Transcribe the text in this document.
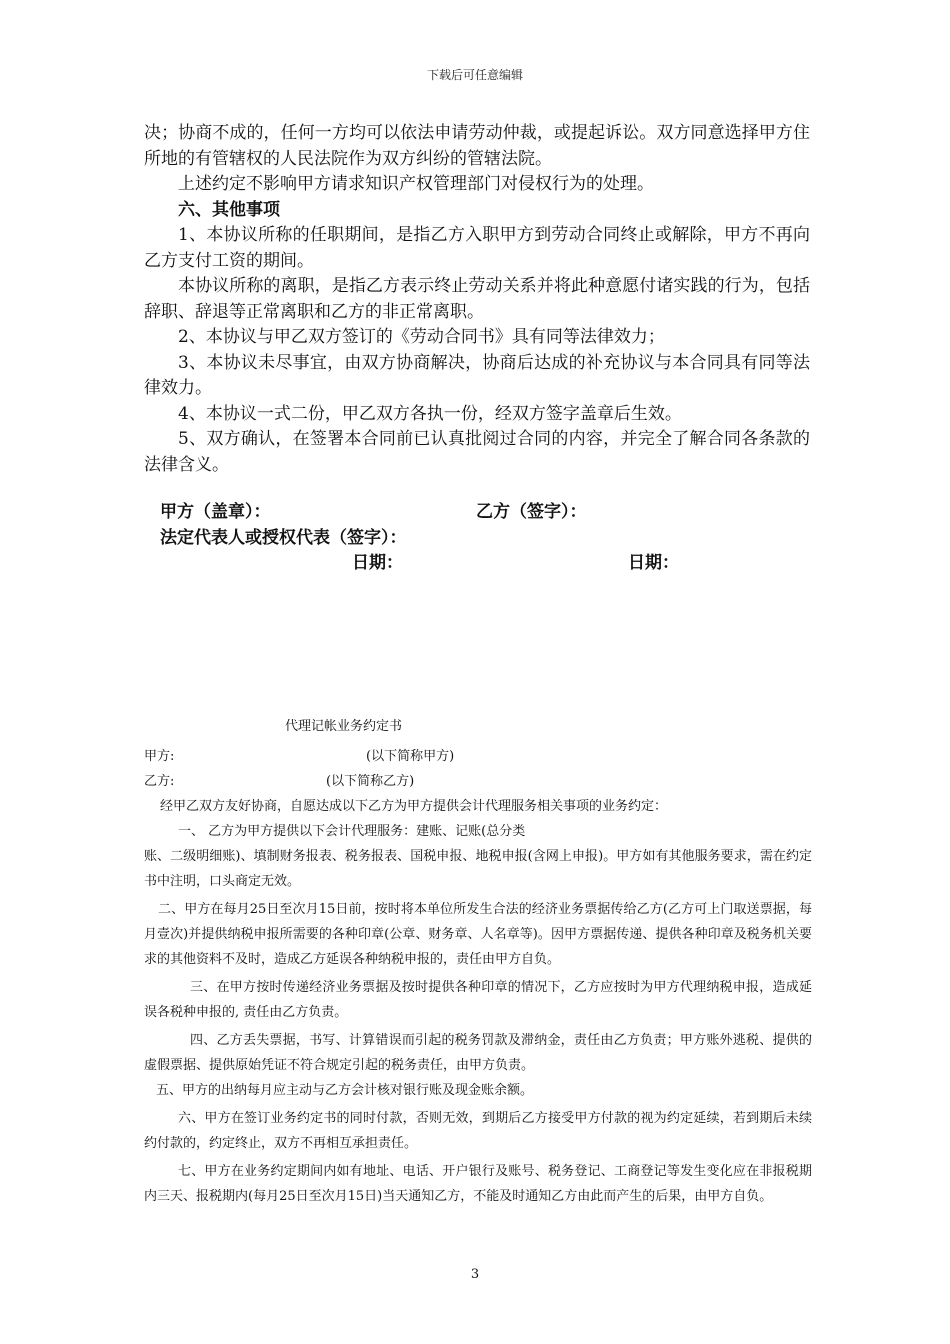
下载后可任意编辑

决；协商不成的，任何一方均可以依法申请劳动仲裁，或提起诉讼。双方同意选择甲方住所地的有管辖权的人民法院作为双方纠纷的管辖法院。

上述约定不影响甲方请求知识产权管理部门对侵权行为的处理。

六、其他事项

1、本协议所称的任职期间，是指乙方入职甲方到劳动合同终止或解除，甲方不再向乙方支付工资的期间。

本协议所称的离职，是指乙方表示终止劳动关系并将此种意愿付诸实践的行为，包括辞职、辞退等正常离职和乙方的非正常离职。

2、本协议与甲乙双方签订的《劳动合同书》具有同等法律效力；

3、本协议未尽事宜，由双方协商解决，协商后达成的补充协议与本合同具有同等法律效力。

4、本协议一式二份，甲乙双方各执一份，经双方签字盖章后生效。

5、双方确认，在签署本合同前已认真批阅过合同的内容，并完全了解合同各条款的法律含义。

甲方（盖章）：	乙方（签字）：
法定代表人或授权代表（签字）：
日期：	日期：
代理记帐业务约定书
甲方:	(以下简称甲方)
乙方:	(以下简称乙方)

经甲乙双方友好协商，自愿达成以下乙方为甲方提供会计代理服务相关事项的业务约定：

一、 乙方为甲方提供以下会计代理服务：建账、记账(总分类

账、二级明细账)、填制财务报表、税务报表、国税申报、地税申报(含网上申报)。甲方如有其他服务要求，需在约定书中注明，口头商定无效。

二、甲方在每月25日至次月15日前，按时将本单位所发生合法的经济业务票据传给乙方(乙方可上门取送票据，每月壹次)并提供纳税申报所需要的各种印章(公章、财务章、人名章等)。因甲方票据传递、提供各种印章及税务机关要求的其他资料不及时，造成乙方延误各种纳税申报的，责任由甲方自负。

三、在甲方按时传递经济业务票据及按时提供各种印章的情况下，乙方应按时为甲方代理纳税申报，造成延误各税种申报的, 责任由乙方负责。

四、乙方丢失票据，书写、计算错误而引起的税务罚款及滞纳金，责任由乙方负责；甲方账外逃税、提供的虚假票据、提供原始凭证不符合规定引起的税务责任，由甲方负责。

五、甲方的出纳每月应主动与乙方会计核对银行账及现金账余额。

六、甲方在签订业务约定书的同时付款，否则无效，到期后乙方接受甲方付款的视为约定延续，若到期后未续约付款的，约定终止，双方不再相互承担责任。

七、甲方在业务约定期间内如有地址、电话、开户银行及账号、税务登记、工商登记等发生变化应在非报税期内三天、报税期内(每月25日至次月15日)当天通知乙方，不能及时通知乙方由此而产生的后果，由甲方自负。

3
